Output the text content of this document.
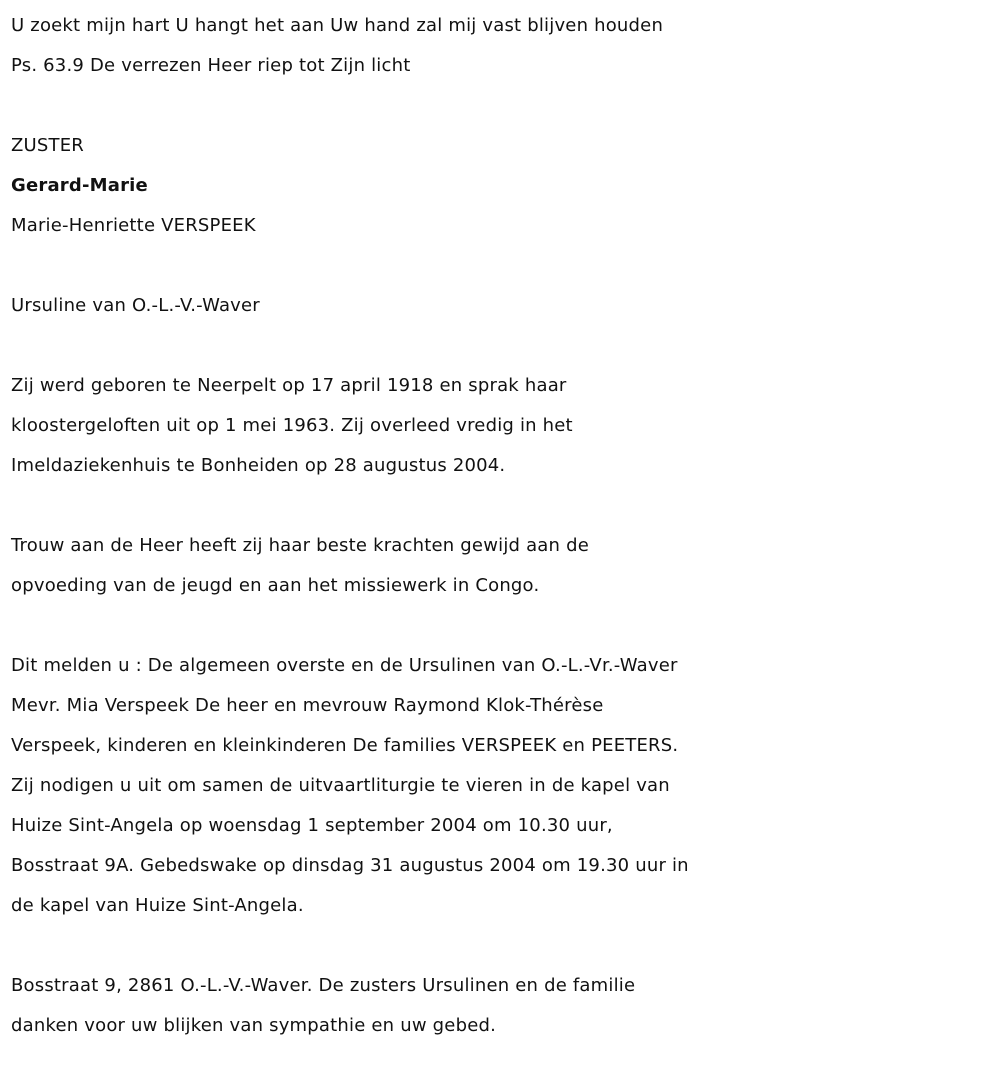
U zoekt mijn hart U hangt het aan Uw hand zal mij vast blijven houden
Ps. 63.9 De verrezen Heer riep tot Zijn licht
ZUSTER
Gerard-Marie
Marie-Henriette VERSPEEK
Ursuline van O.-L.-V.-Waver
Zij werd geboren te Neerpelt op 17 april 1918 en sprak haar
kloostergeloften uit op 1 mei 1963. Zij overleed vredig in het
Imeldaziekenhuis te Bonheiden op 28 augustus 2004.
Trouw aan de Heer heeft zij haar beste krachten gewijd aan de
opvoeding van de jeugd en aan het missiewerk in Congo.
Dit melden u : De algemeen overste en de Ursulinen van O.-L.-Vr.-Waver
Mevr. Mia Verspeek De heer en mevrouw Raymond Klok-Thérèse
Verspeek, kinderen en kleinkinderen De families VERSPEEK en PEETERS.
Zij nodigen u uit om samen de uitvaartliturgie te vieren in de kapel van
Huize Sint-Angela op woensdag 1 september 2004 om 10.30 uur,
Bosstraat 9A. Gebedswake op dinsdag 31 augustus 2004 om 19.30 uur in
de kapel van Huize Sint-Angela.
Bosstraat 9, 2861 O.-L.-V.-Waver. De zusters Ursulinen en de familie
danken voor uw blijken van sympathie en uw gebed.
